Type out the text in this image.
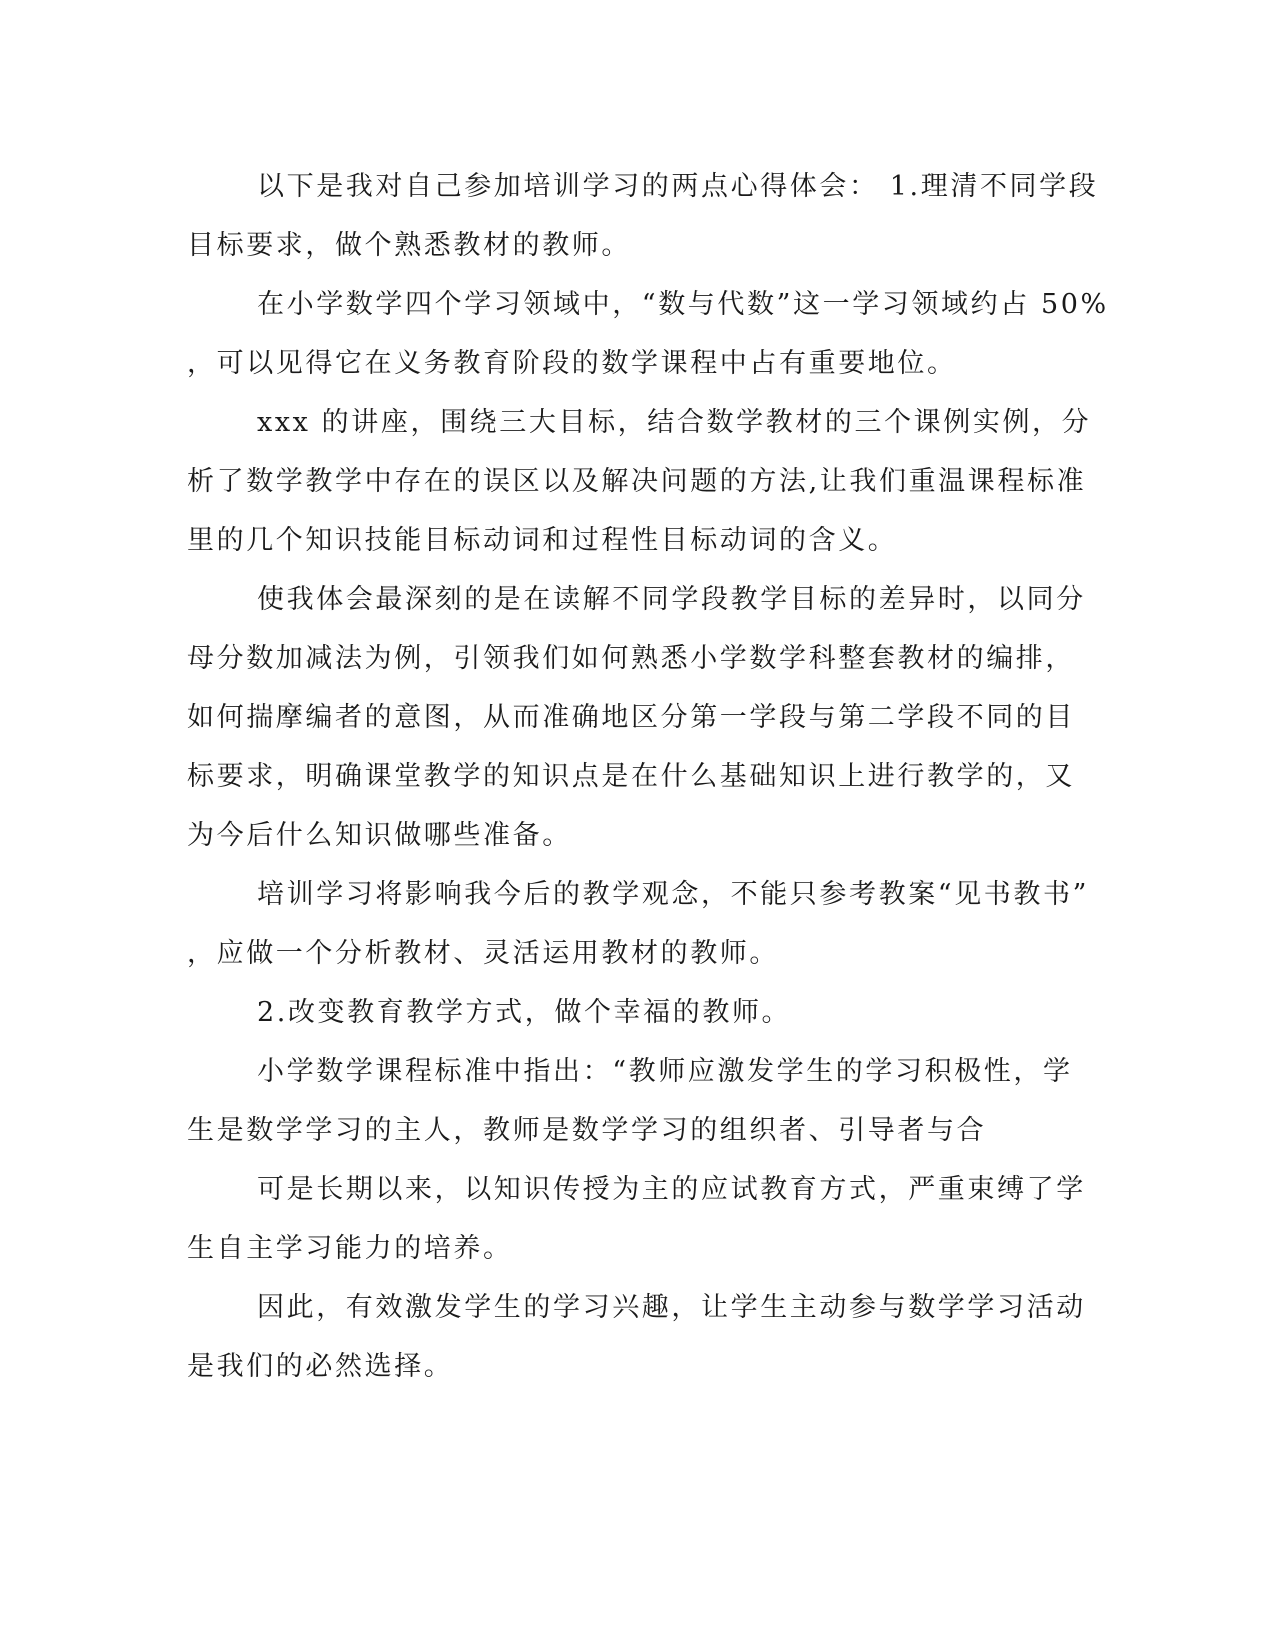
以下是我对自己参加培训学习的两点心得体会： 1.理清不同学段
目标要求，做个熟悉教材的教师。
在小学数学四个学习领域中，“数与代数”这一学习领域约占 50%
，可以见得它在义务教育阶段的数学课程中占有重要地位。
xxx 的讲座，围绕三大目标，结合数学教材的三个课例实例，分
析了数学教学中存在的误区以及解决问题的方法,让我们重温课程标准
里的几个知识技能目标动词和过程性目标动词的含义。
使我体会最深刻的是在读解不同学段教学目标的差异时，以同分
母分数加减法为例，引领我们如何熟悉小学数学科整套教材的编排，
如何揣摩编者的意图，从而准确地区分第一学段与第二学段不同的目
标要求，明确课堂教学的知识点是在什么基础知识上进行教学的，又
为今后什么知识做哪些准备。
培训学习将影响我今后的教学观念，不能只参考教案“见书教书”
，应做一个分析教材、灵活运用教材的教师。
2.改变教育教学方式，做个幸福的教师。
小学数学课程标准中指出：“教师应激发学生的学习积极性，学
生是数学学习的主人，教师是数学学习的组织者、引导者与合
可是长期以来，以知识传授为主的应试教育方式，严重束缚了学
生自主学习能力的培养。
因此，有效激发学生的学习兴趣，让学生主动参与数学学习活动
是我们的必然选择。
